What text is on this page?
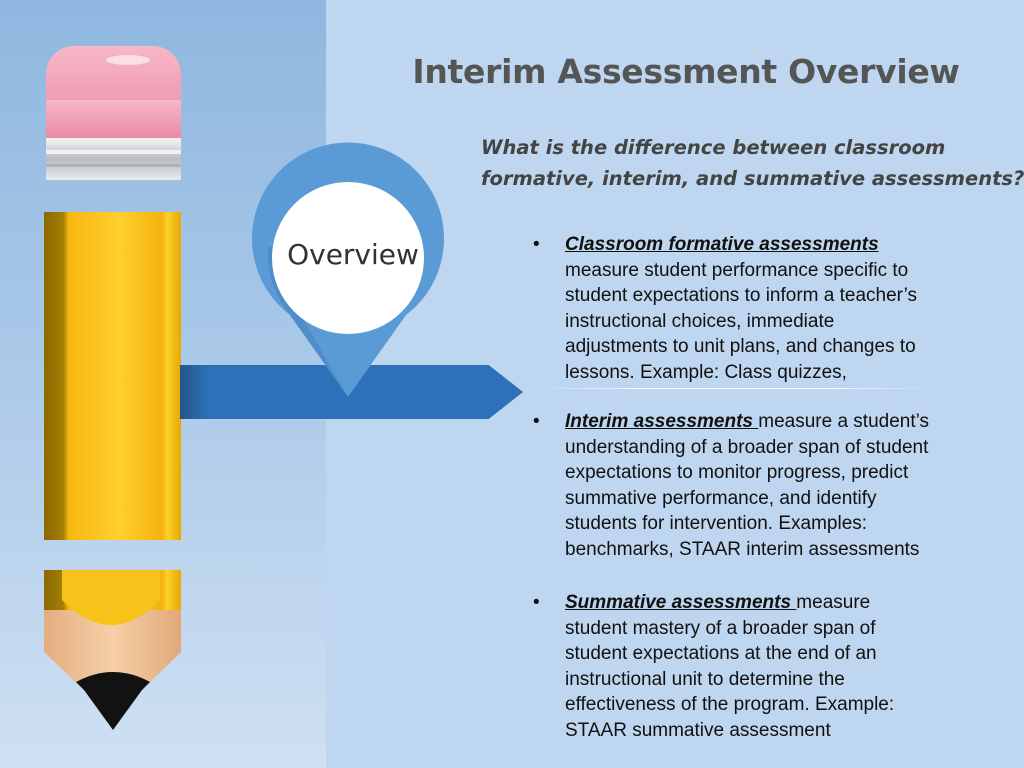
Overview
Interim Assessment Overview
What is the difference between classroom
formative, interim, and summative assessments?
•	Classroom formative assessments
measure student performance specific to
student expectations to inform a teacher’s
instructional choices, immediate
adjustments to unit plans, and changes to
lessons. Example: Class quizzes,
•	Interim assessments measure a student’s
understanding of a broader span of student
expectations to monitor progress, predict
summative performance, and identify
students for intervention. Examples:
benchmarks, STAAR interim assessments
•	Summative assessments measure
student mastery of a broader span of
student expectations at the end of an
instructional unit to determine the
effectiveness of the program. Example:
STAAR summative assessment
